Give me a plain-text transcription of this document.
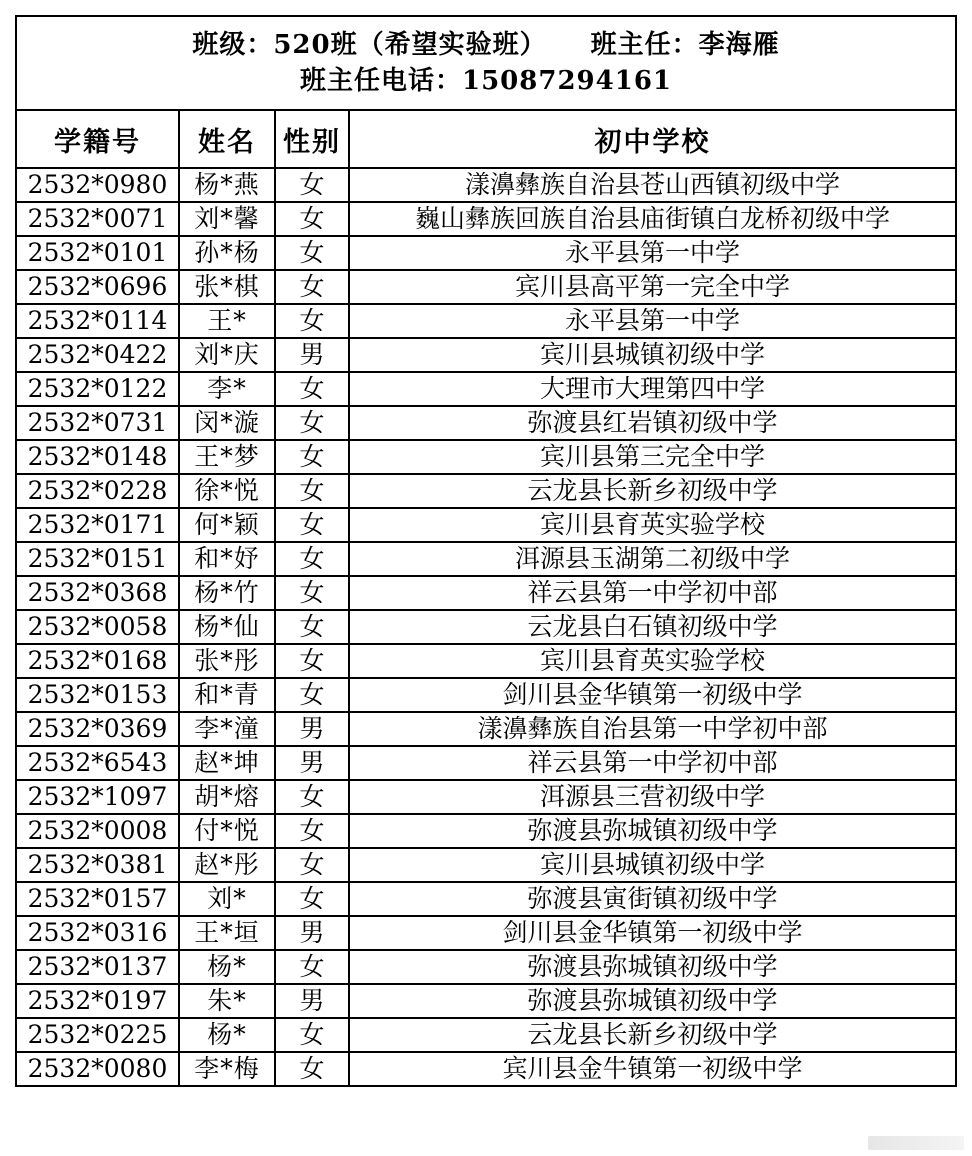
班级：520班（希望实验班） 班主任：李海雁
班主任电话：15087294161			

学籍号	姓名	性别	初中学校
2532*0980	杨*燕	女	漾濞彝族自治县苍山西镇初级中学
2532*0071	刘*馨	女	巍山彝族回族自治县庙街镇白龙桥初级中学
2532*0101	孙*杨	女	永平县第一中学
2532*0696	张*棋	女	宾川县高平第一完全中学
2532*0114	王*	女	永平县第一中学
2532*0422	刘*庆	男	宾川县城镇初级中学
2532*0122	李*	女	大理市大理第四中学
2532*0731	闵*漩	女	弥渡县红岩镇初级中学
2532*0148	王*梦	女	宾川县第三完全中学
2532*0228	徐*悦	女	云龙县长新乡初级中学
2532*0171	何*颖	女	宾川县育英实验学校
2532*0151	和*妤	女	洱源县玉湖第二初级中学
2532*0368	杨*竹	女	祥云县第一中学初中部
2532*0058	杨*仙	女	云龙县白石镇初级中学
2532*0168	张*彤	女	宾川县育英实验学校
2532*0153	和*青	女	剑川县金华镇第一初级中学
2532*0369	李*潼	男	漾濞彝族自治县第一中学初中部
2532*6543	赵*坤	男	祥云县第一中学初中部
2532*1097	胡*熔	女	洱源县三营初级中学
2532*0008	付*悦	女	弥渡县弥城镇初级中学
2532*0381	赵*彤	女	宾川县城镇初级中学
2532*0157	刘*	女	弥渡县寅街镇初级中学
2532*0316	王*垣	男	剑川县金华镇第一初级中学
2532*0137	杨*	女	弥渡县弥城镇初级中学
2532*0197	朱*	男	弥渡县弥城镇初级中学
2532*0225	杨*	女	云龙县长新乡初级中学
2532*0080	李*梅	女	宾川县金牛镇第一初级中学
